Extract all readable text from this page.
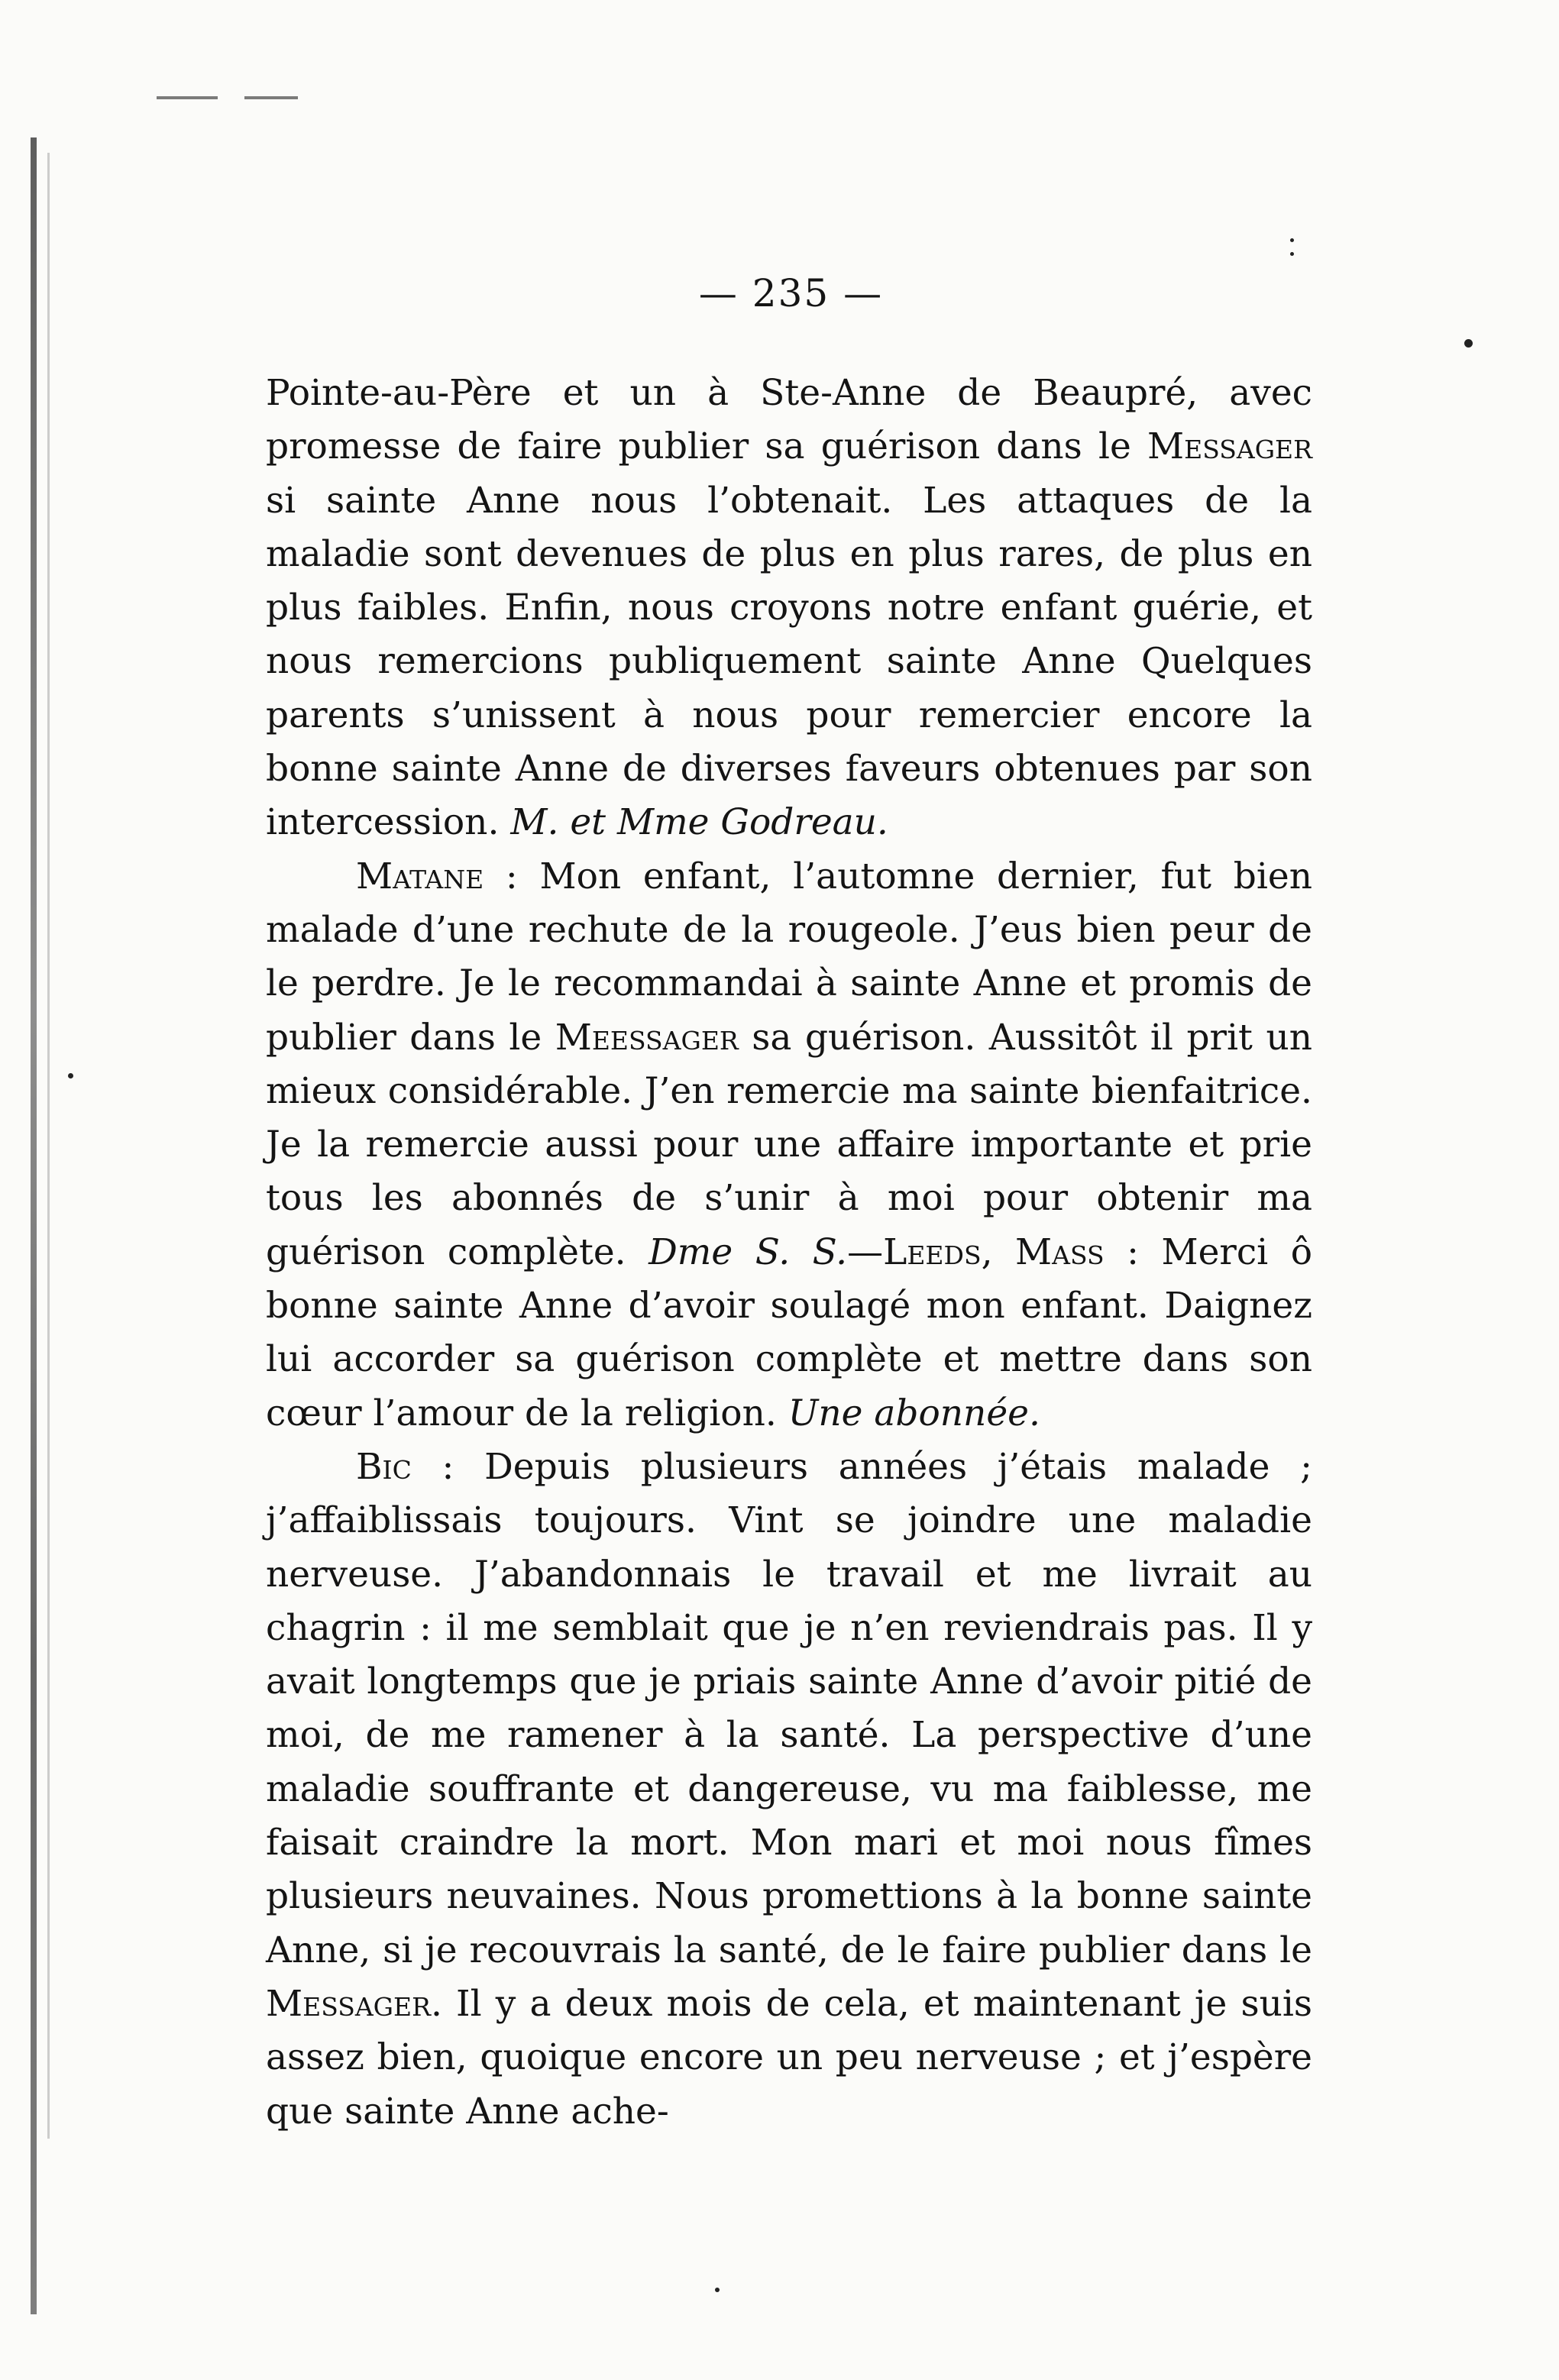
— 235 —

Pointe-au-Père et un à Ste-Anne de Beaupré, avec promesse de faire publier sa guérison dans le Messager si sainte Anne nous l’obtenait. Les attaques de la maladie sont devenues de plus en plus rares, de plus en plus faibles. Enfin, nous croyons notre enfant guérie, et nous remercions publiquement sainte Anne Quelques parents s’unissent à nous pour remercier encore la bonne sainte Anne de diverses faveurs obtenues par son intercession. M. et Mme Godreau.

Matane : Mon enfant, l’automne dernier, fut bien malade d’une rechute de la rougeole. J’eus bien peur de le perdre. Je le recommandai à sainte Anne et promis de publier dans le Meessager sa guérison. Aussitôt il prit un mieux considérable. J’en remercie ma sainte bienfaitrice. Je la remercie aussi pour une affaire importante et prie tous les abonnés de s’unir à moi pour obtenir ma guérison complète. Dme S. S.—Leeds, Mass : Merci ô bonne sainte Anne d’avoir soulagé mon enfant. Daignez lui accorder sa guérison complète et mettre dans son cœur l’amour de la religion. Une abonnée.

Bic : Depuis plusieurs années j’étais malade ; j’affaiblissais toujours. Vint se joindre une maladie nerveuse. J’abandonnais le travail et me livrait au chagrin : il me semblait que je n’en reviendrais pas. Il y avait longtemps que je priais sainte Anne d’avoir pitié de moi, de me ramener à la santé. La perspective d’une maladie souffrante et dangereuse, vu ma faiblesse, me faisait craindre la mort. Mon mari et moi nous fîmes plusieurs neuvaines. Nous promettions à la bonne sainte Anne, si je recouvrais la santé, de le faire publier dans le Messager. Il y a deux mois de cela, et maintenant je suis assez bien, quoique encore un peu nerveuse ; et j’espère que sainte Anne ache-
